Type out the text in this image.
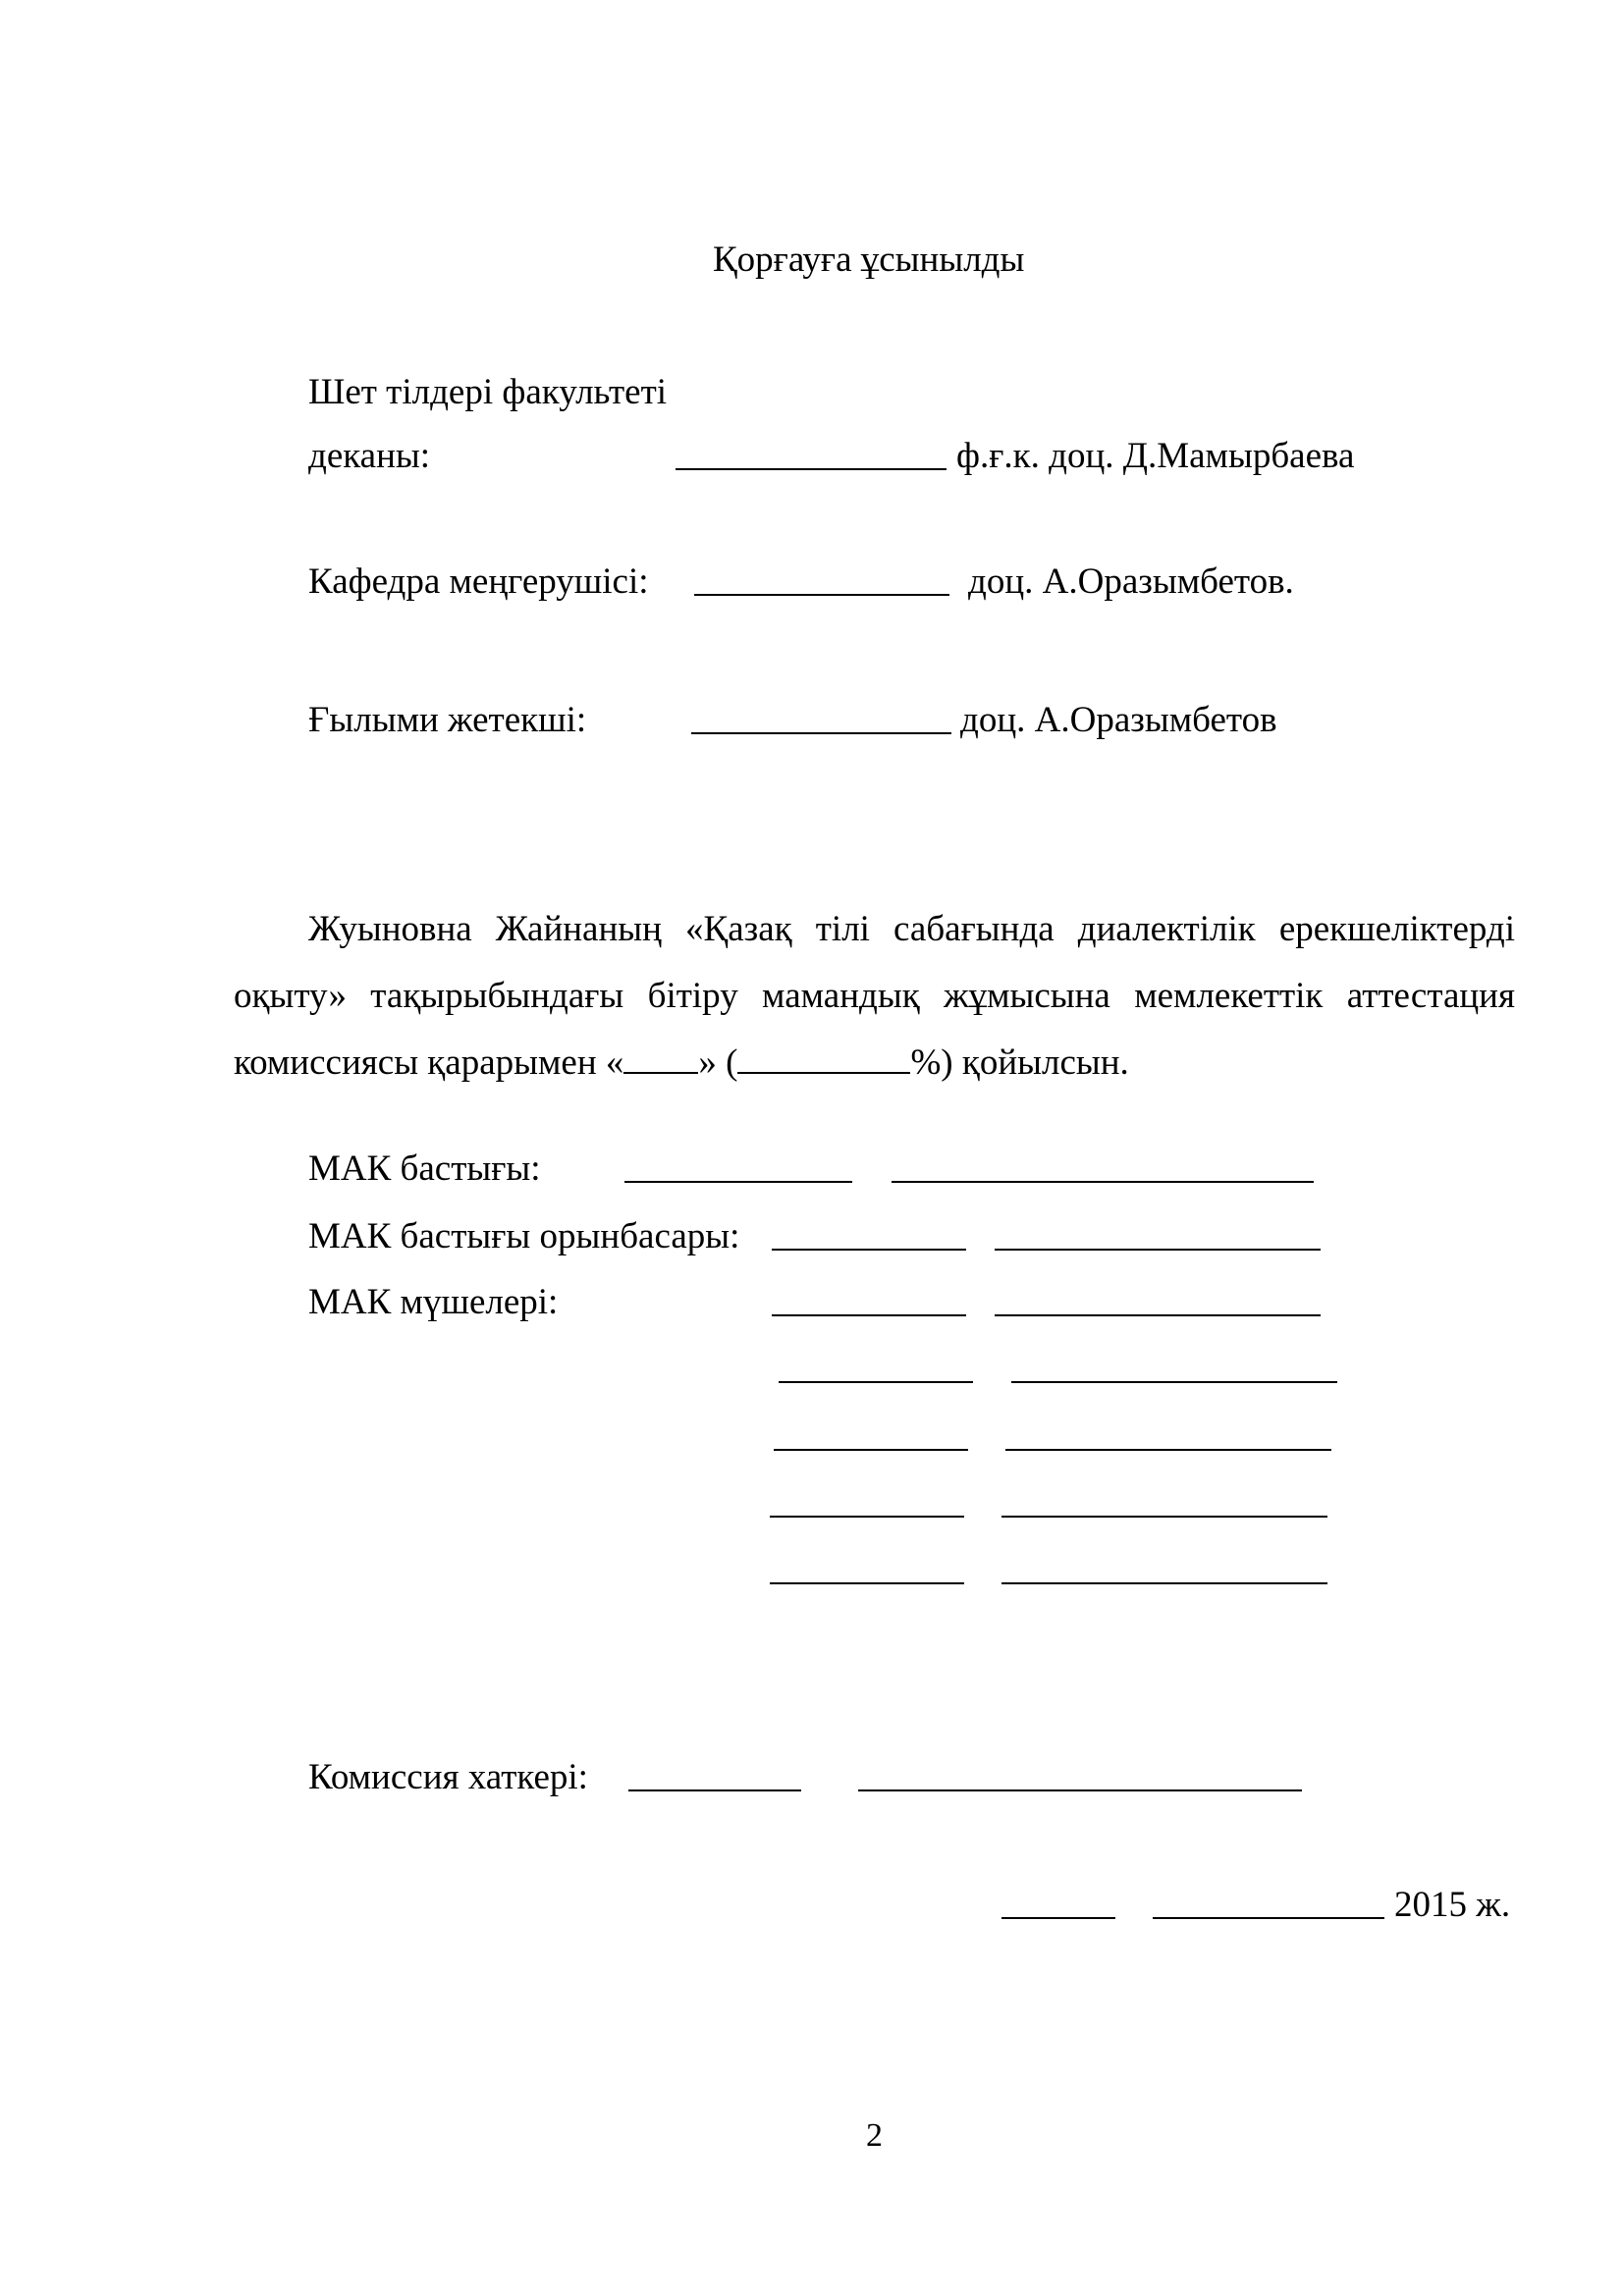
Қорғауға ұсынылды
Шет тілдері факультеті
деканы:	ф.ғ.к. доц. Д.Мамырбаева
Кафедра меңгерушісі:	доц. А.Оразымбетов.
Ғылыми жетекші:	доц. А.Оразымбетов
Жуыновна Жайнаның «Қазақ тілі сабағында диалектілік ерекшеліктерді
оқыту» тақырыбындағы бітіру мамандық жұмысына мемлекеттік аттестация
комиссиясы қарарымен « » (	%) қойылсын.
МАК бастығы:
МАК бастығы орынбасары:
МАК мүшелері:
Комиссия хаткері:
2015 ж.
2
